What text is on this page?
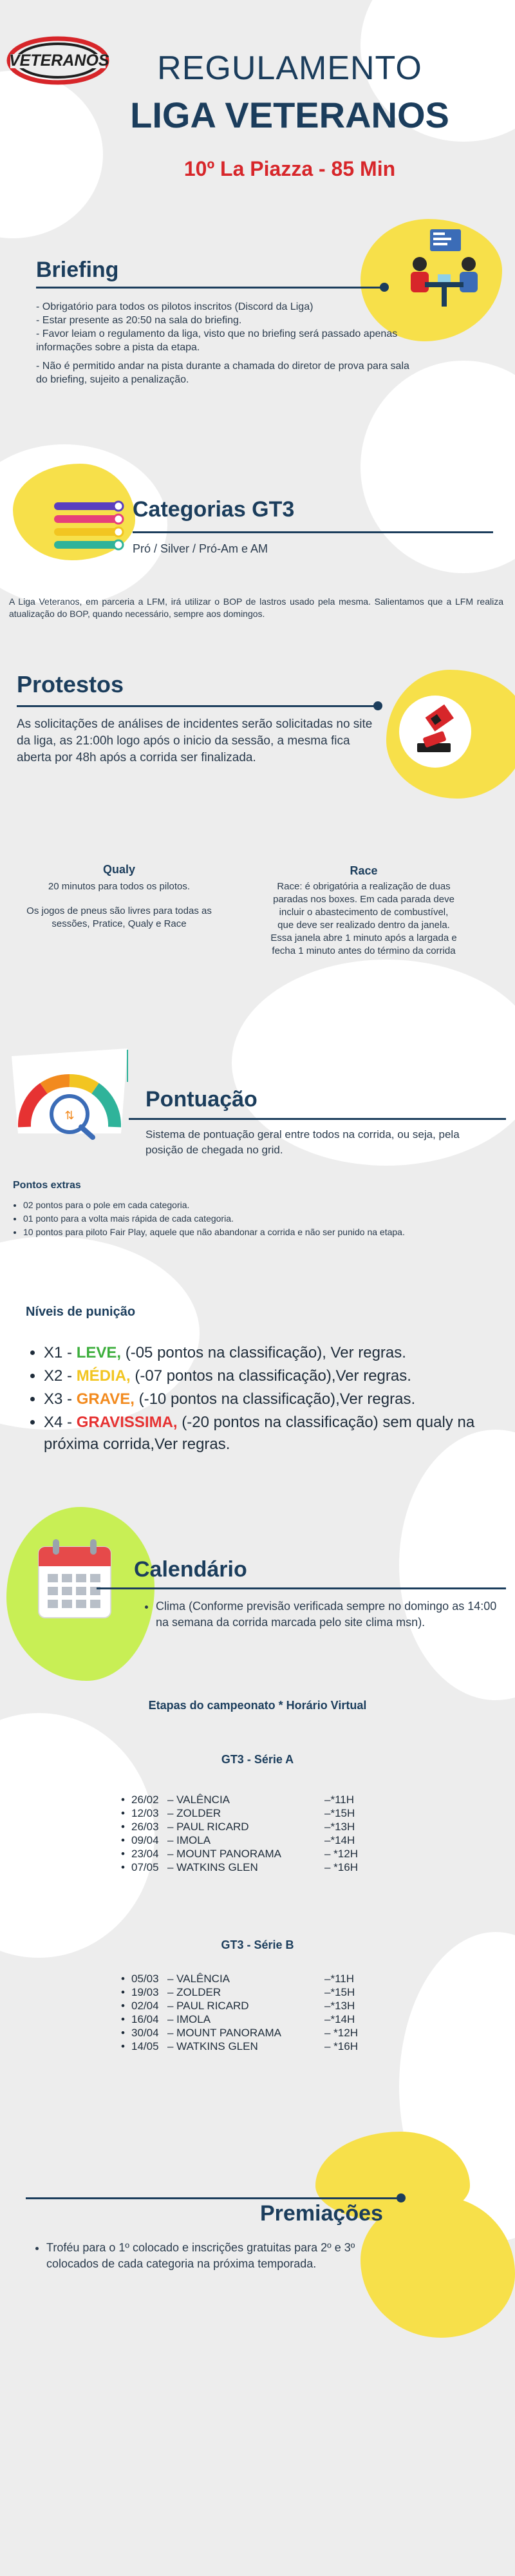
VETERANOS	REGULAMENTO
LIGA VETERANOS
10º La Piazza - 85 Min
Briefing
- Obrigatório para todos os pilotos inscritos (Discord da Liga)
- Estar presente as 20:50 na sala do briefing.
- Favor leiam o regulamento da liga, visto que no briefing será passado apenas informações sobre a pista da etapa.
- Não é permitido andar na pista durante a chamada do diretor de prova para sala do briefing, sujeito a penalização.
Categorias GT3
Pró / Silver / Pró-Am e AM
A Liga Veteranos, em parceria a LFM, irá utilizar o BOP de lastros usado pela mesma. Salientamos que a LFM realiza atualização do BOP, quando necessário, sempre aos domingos.
Protestos
As solicitações de análises de incidentes serão solicitadas no site da liga, as 21:00h logo após o inicio da sessão, a mesma fica aberta por 48h após a corrida ser finalizada.
Qualy
20 minutos para todos os pilotos.
Os jogos de pneus são livres para todas as sessões, Pratice, Qualy e Race
Race
Race: é obrigatória a realização de duas paradas nos boxes. Em cada parada deve incluir o abastecimento de combustível, que deve ser realizado dentro da janela.
Essa janela abre 1 minuto após a largada e fecha 1 minuto antes do término da corrida
⇅
Pontuação
Sistema de pontuação geral entre todos na corrida, ou seja, pela posição de chegada no grid.
Pontos extras
• 02 pontos para o pole em cada categoria.
• 01 ponto para a volta mais rápida de cada categoria.
• 10 pontos para piloto Fair Play, aquele que não abandonar a corrida e não ser punido na etapa.
Níveis de punição
• X1 - LEVE, (-05 pontos na classificação), Ver regras.
• X2 - MÉDIA, (-07 pontos na classificação),Ver regras.
• X3 - GRAVE, (-10 pontos na classificação),Ver regras.
• X4 - GRAVISSIMA, (-20 pontos na classificação) sem qualy na próxima corrida,Ver regras.
Calendário
• Clima (Conforme previsão verificada sempre no domingo as 14:00 na semana da corrida marcada pelo site clima msn).
Etapas do campeonato * Horário Virtual
GT3 - Série A
• 26/02 – VALÊNCIA	–*11H
• 12/03 – ZOLDER	–*15H
• 26/03 – PAUL RICARD	–*13H
• 09/04 – IMOLA	–*14H
• 23/04 – MOUNT PANORAMA	– *12H
• 07/05 – WATKINS GLEN	– *16H
GT3 - Série B
• 05/03 – VALÊNCIA	–*11H
• 19/03 – ZOLDER	–*15H
• 02/04 – PAUL RICARD	–*13H
• 16/04 – IMOLA	–*14H
• 30/04 – MOUNT PANORAMA	– *12H
• 14/05 – WATKINS GLEN	– *16H
Premiações
• Troféu para o 1º colocado e inscrições gratuitas para 2º e 3º colocados de cada categoria na próxima temporada.
